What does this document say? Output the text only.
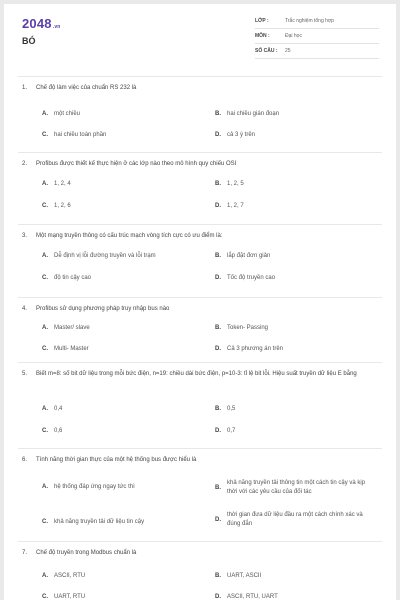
2048.vn
BÓ
LỚP :	Trắc nghiệm tổng hợp
MÔN :	Đại học
SỐ CÂU : 25
1. Chế độ làm việc của chuẩn RS 232 là
A. một chiều	B. hai chiều gián đoạn
C. hai chiều toàn phần	D. cả 3 ý trên
2. Profibus được thiết kế thực hiện ở các lớp nào theo mô hình quy chiếu OSI
A. 1, 2, 4	B. 1, 2, 5
C. 1, 2, 6	D. 1, 2, 7
3. Một mạng truyền thông có cấu trúc mạch vòng tích cực có ưu điểm là:
A. Dễ định vị lỗi đường truyền và lỗi trạm	B. lắp đặt đơn giản
C. độ tin cậy cao	D. Tốc độ truyền cao
4. Profibus sử dụng phương pháp truy nhập bus nào
A. Master/ slave	B. Token- Passing
C. Multi- Master	D. Cả 3 phương án trên
5. Biết m=8: số bit dữ liệu trong mỗi bức điện, n=19: chiều dài bức điện, p=10-3: tỉ lệ bit lỗi. Hiệu suất truyền dữ liệu E bằng
A. 0,4	B. 0,5
C. 0,6	D. 0,7
6. Tính năng thời gian thực của một hệ thống bus được hiểu là
A. hệ thống đáp ứng ngay tức thì	B.khả năng truyền tải thông tin một cách tin cậy và kịp thời với các yêu cầu của đối tác
C. khả năng truyền tải dữ liệu tin cậy	D.thời gian đưa dữ liệu đầu ra một cách chính xác và đúng đắn
7. Chế độ truyền trong Modbus chuẩn là
A. ASCII, RTU	B. UART, ASCII
C. UART, RTU	D. ASCII, RTU, UART
